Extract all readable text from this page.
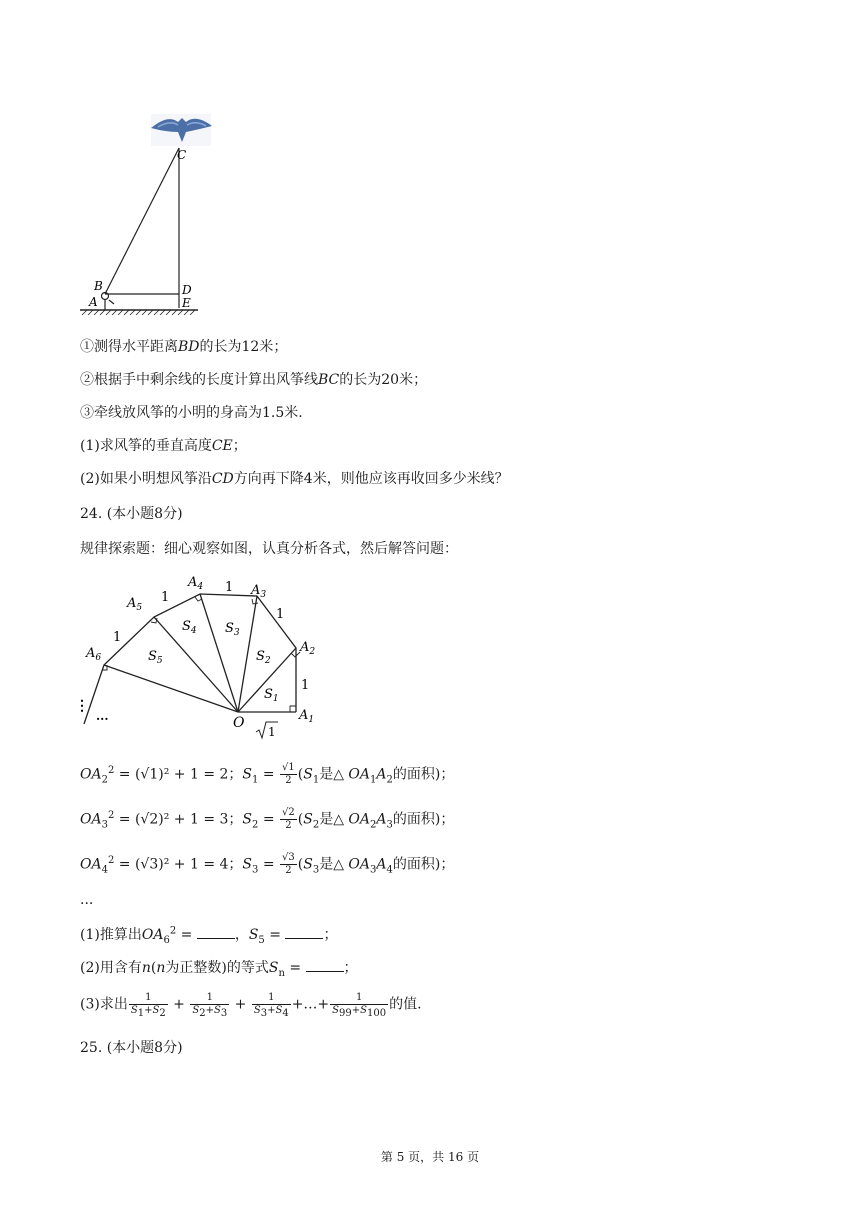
C
B
A
D
E
①测得水平距离BD的长为12米；
②根据手中剩余线的长度计算出风筝线BC的长为20米；
③牵线放风筝的小明的身高为1.5米.
(1)求风筝的垂直高度CE；
(2)如果小明想风筝沿CD方向再下降4米，则他应该再收回多少米线？
24. (本小题8分)
规律探索题：细心观察如图，认真分析各式，然后解答问题：
$A_1$
$A_2$
$A_3$
$A_4$
$A_5$
$A_6$
$S_1$
$S_2$
$S_3$
$S_4$
$S_5$
1
1
1
1
1
O
1
⋮
...
$OA_2^2 = (√1)^2 + 1 = 2$；$S_1 = \frac{√1}{2} (S_1$是△ $OA_1A_2$的面积)；
$OA_3^2 = (√2)^2 + 1 = 3$；$S_2 = \frac{√2}{2} (S_2$是△ $OA_2A_3$的面积)；
$OA_4^2 = (√3)^2 + 1 = 4$；$S_3 = \frac{√3}{2} (S_3$是△ $OA_3A_4$的面积)；
...
(1)推算出$OA_6^2$ =	，$S_5$ =	；
(2)用含有n(n为正整数)的等式$S_n$ =	；
(3)求出 $\frac{1}{S_1+S_2} + \frac{1}{S_2+S_3} + \frac{1}{S_3+S_4}$ +…+ $\frac{1}{S_{99}+S_{100}}$ 的值.
25. (本小题8分)
第 5 页，共 16 页
